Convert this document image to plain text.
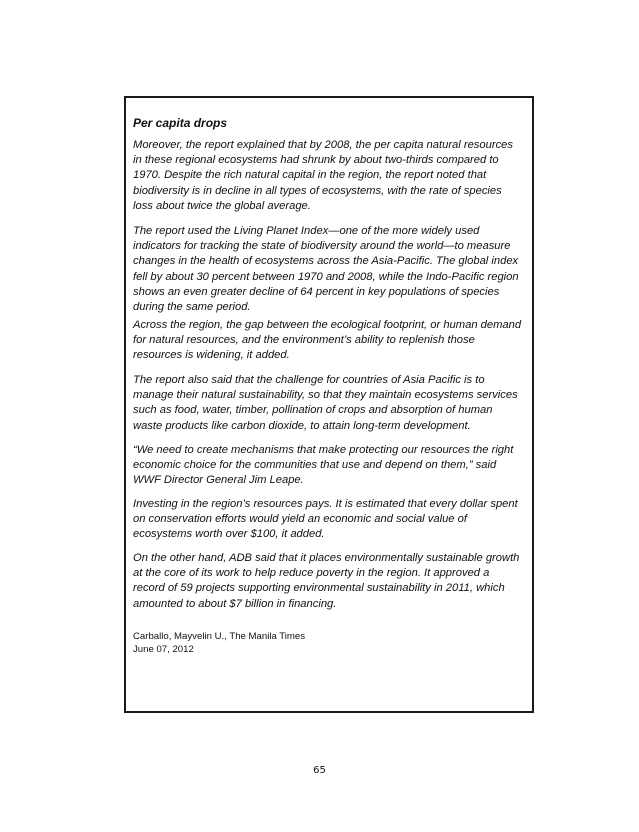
Per capita drops

Moreover, the report explained that by 2008, the per capita natural resources
in these regional ecosystems had shrunk by about two-thirds compared to
1970. Despite the rich natural capital in the region, the report noted that
biodiversity is in decline in all types of ecosystems, with the rate of species
loss about twice the global average.

The report used the Living Planet Index—one of the more widely used
indicators for tracking the state of biodiversity around the world—to measure
changes in the health of ecosystems across the Asia-Pacific. The global index
fell by about 30 percent between 1970 and 2008, while the Indo-Pacific region
shows an even greater decline of 64 percent in key populations of species
during the same period.

Across the region, the gap between the ecological footprint, or human demand
for natural resources, and the environment’s ability to replenish those
resources is widening, it added.

The report also said that the challenge for countries of Asia Pacific is to
manage their natural sustainability, so that they maintain ecosystems services
such as food, water, timber, pollination of crops and absorption of human
waste products like carbon dioxide, to attain long-term development.

“We need to create mechanisms that make protecting our resources the right
economic choice for the communities that use and depend on them,” said
WWF Director General Jim Leape.

Investing in the region’s resources pays. It is estimated that every dollar spent
on conservation efforts would yield an economic and social value of
ecosystems worth over $100, it added.

On the other hand, ADB said that it places environmentally sustainable growth
at the core of its work to help reduce poverty in the region. It approved a
record of 59 projects supporting environmental sustainability in 2011, which
amounted to about $7 billion in financing.

Carballo, Mayvelin U., The Manila Times
June 07, 2012

65
